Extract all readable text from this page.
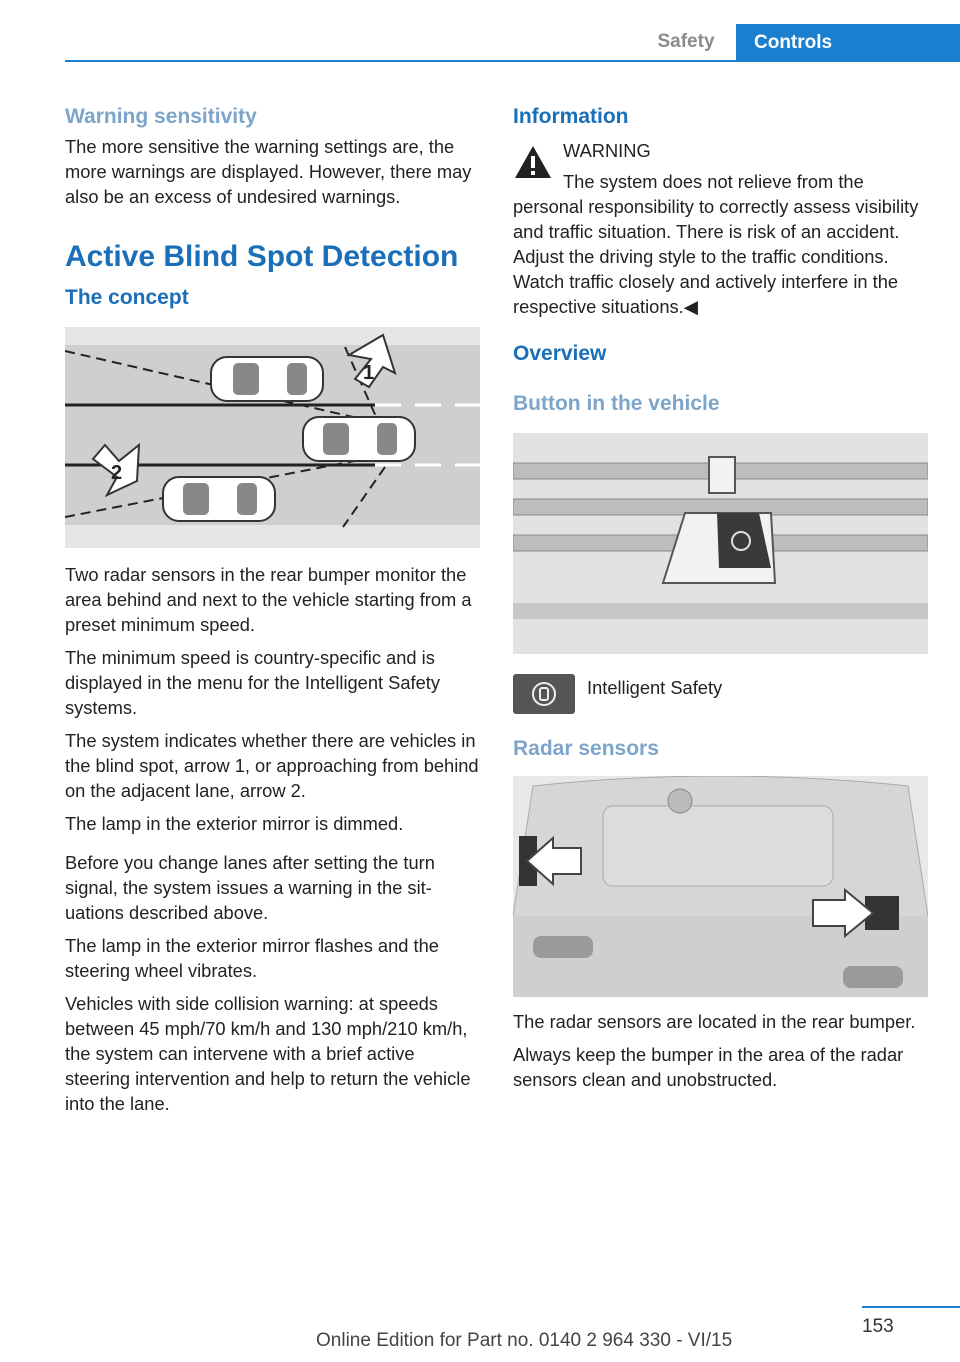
Safety	Controls
Warning sensitivity

The more sensitive the warning settings are, the more warnings are displayed. However, there may also be an excess of undesired warnings.

Active Blind Spot Detection
The concept
1
2

Two radar sensors in the rear bumper monitor the area behind and next to the vehicle starting from a preset minimum speed.

The minimum speed is country-specific and is displayed in the menu for the Intelligent Safety systems.

The system indicates whether there are vehicles in the blind spot, arrow 1, or approaching from behind on the adjacent lane, arrow 2.

The lamp in the exterior mirror is dimmed.

Before you change lanes after setting the turn signal, the system issues a warning in the situations described above.

The lamp in the exterior mirror flashes and the steering wheel vibrates.

Vehicles with side collision warning: at speeds between 45 mph/70 km/h and 130 mph/210 km/h, the system can intervene with a brief active steering intervention and help to return the vehicle into the lane.

Information

WARNING

The system does not relieve from the personal responsibility to correctly assess visibility and traffic situation. There is risk of an accident. Adjust the driving style to the traffic conditions. Watch traffic closely and actively interfere in the respective situations.◀

Overview
Button in the vehicle

Intelligent Safety

Radar sensors

The radar sensors are located in the rear bumper.

Always keep the bumper in the area of the radar sensors clean and unobstructed.

153
Online Edition for Part no. 0140 2 964 330 - VI/15
